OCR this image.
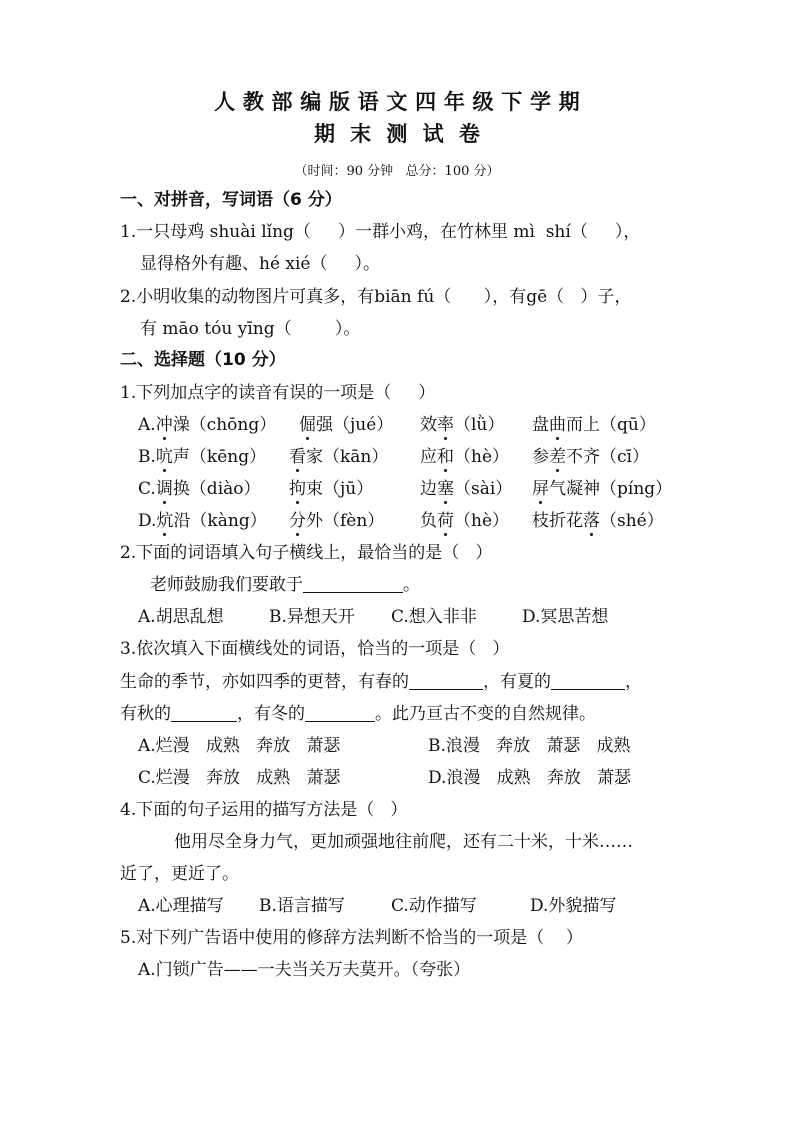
人 教 部 编 版 语 文 四 年 级 下 学 期
期  末  测  试  卷
（时间：90 分钟   总分：100 分）
一、对拼音，写词语（6 分）
1.一只母鸡 shuài lǐng（     ）一群小鸡，在竹林里 mì  shí（     ），
显得格外有趣、hé xié（     ）。
2.小明收集的动物图片可真多，有biān fú（      ），有gē（   ）子，
有 māo tóu yīng（        ）。
二、选择题（10 分）
1.下列加点字的读音有误的一项是（     ）
A.冲澡（chōng） 倔强（jué） 效率（lǜ） 盘曲而上（qū）
B.吭声（kēng） 看家（kān） 应和（hè） 参差不齐（cī）
C.调换（diào） 拘束（jū）	边塞（sài） 屏气凝神（píng）
D.炕沿（kàng） 分外（fèn） 负荷（hè） 枝折花落（shé）
2.下面的词语填入句子横线上，最恰当的是（   ）
老师鼓励我们要敢于	。
A.胡思乱想	B.异想天开 C.想入非非	D.冥思苦想
3.依次填入下面横线处的词语，恰当的一项是（   ）
生命的季节，亦如四季的更替，有春的	，有夏的	，
有秋的	，有冬的	。此乃亘古不变的自然规律。
A.烂漫   成熟   奔放   萧瑟	B.浪漫   奔放   萧瑟   成熟
C.烂漫   奔放   成熟   萧瑟	D.浪漫   成熟   奔放   萧瑟
4.下面的句子运用的描写方法是（   ）
他用尽全身力气，更加顽强地往前爬，还有二十米，十米……
近了，更近了。
A.心理描写 B.语言描写	C.动作描写	D.外貌描写
5.对下列广告语中使用的修辞方法判断不恰当的一项是（    ）
A.门锁广告——一夫当关万夫莫开。（夸张）
